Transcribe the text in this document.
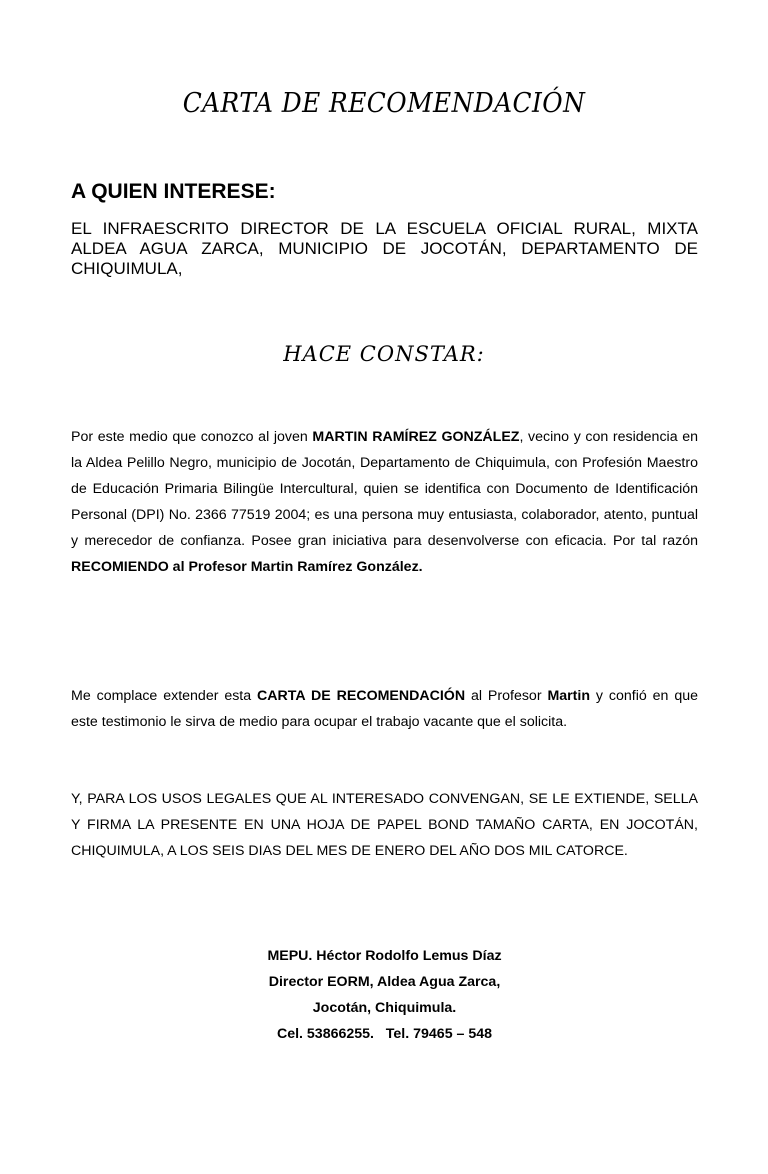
CARTA DE RECOMENDACIÓN
A QUIEN INTERESE:
EL INFRAESCRITO DIRECTOR DE LA ESCUELA OFICIAL RURAL, MIXTA ALDEA AGUA ZARCA, MUNICIPIO DE JOCOTÁN, DEPARTAMENTO DE CHIQUIMULA,
HACE CONSTAR:
Por este medio que conozco al joven MARTIN RAMÍREZ GONZÁLEZ, vecino y con residencia en la Aldea Pelillo Negro, municipio de Jocotán, Departamento de Chiquimula, con Profesión Maestro de Educación Primaria Bilingüe Intercultural, quien se identifica con Documento de Identificación Personal (DPI) No. 2366 77519 2004; es una persona muy entusiasta, colaborador, atento, puntual y merecedor de confianza. Posee gran iniciativa para desenvolverse con eficacia. Por tal razón RECOMIENDO al Profesor Martin Ramírez González.
Me complace extender esta CARTA DE RECOMENDACIÓN al Profesor Martin y confió en que este testimonio le sirva de medio para ocupar el trabajo vacante que el solicita.
Y, PARA LOS USOS LEGALES QUE AL INTERESADO CONVENGAN, SE LE EXTIENDE, SELLA Y FIRMA LA PRESENTE EN UNA HOJA DE PAPEL BOND TAMAÑO CARTA, EN JOCOTÁN, CHIQUIMULA, A LOS SEIS DIAS DEL MES DE ENERO DEL AÑO DOS MIL CATORCE.
MEPU. Héctor Rodolfo Lemus Díaz
Director EORM, Aldea Agua Zarca,
Jocotán, Chiquimula.
Cel. 53866255.   Tel. 79465 – 548
